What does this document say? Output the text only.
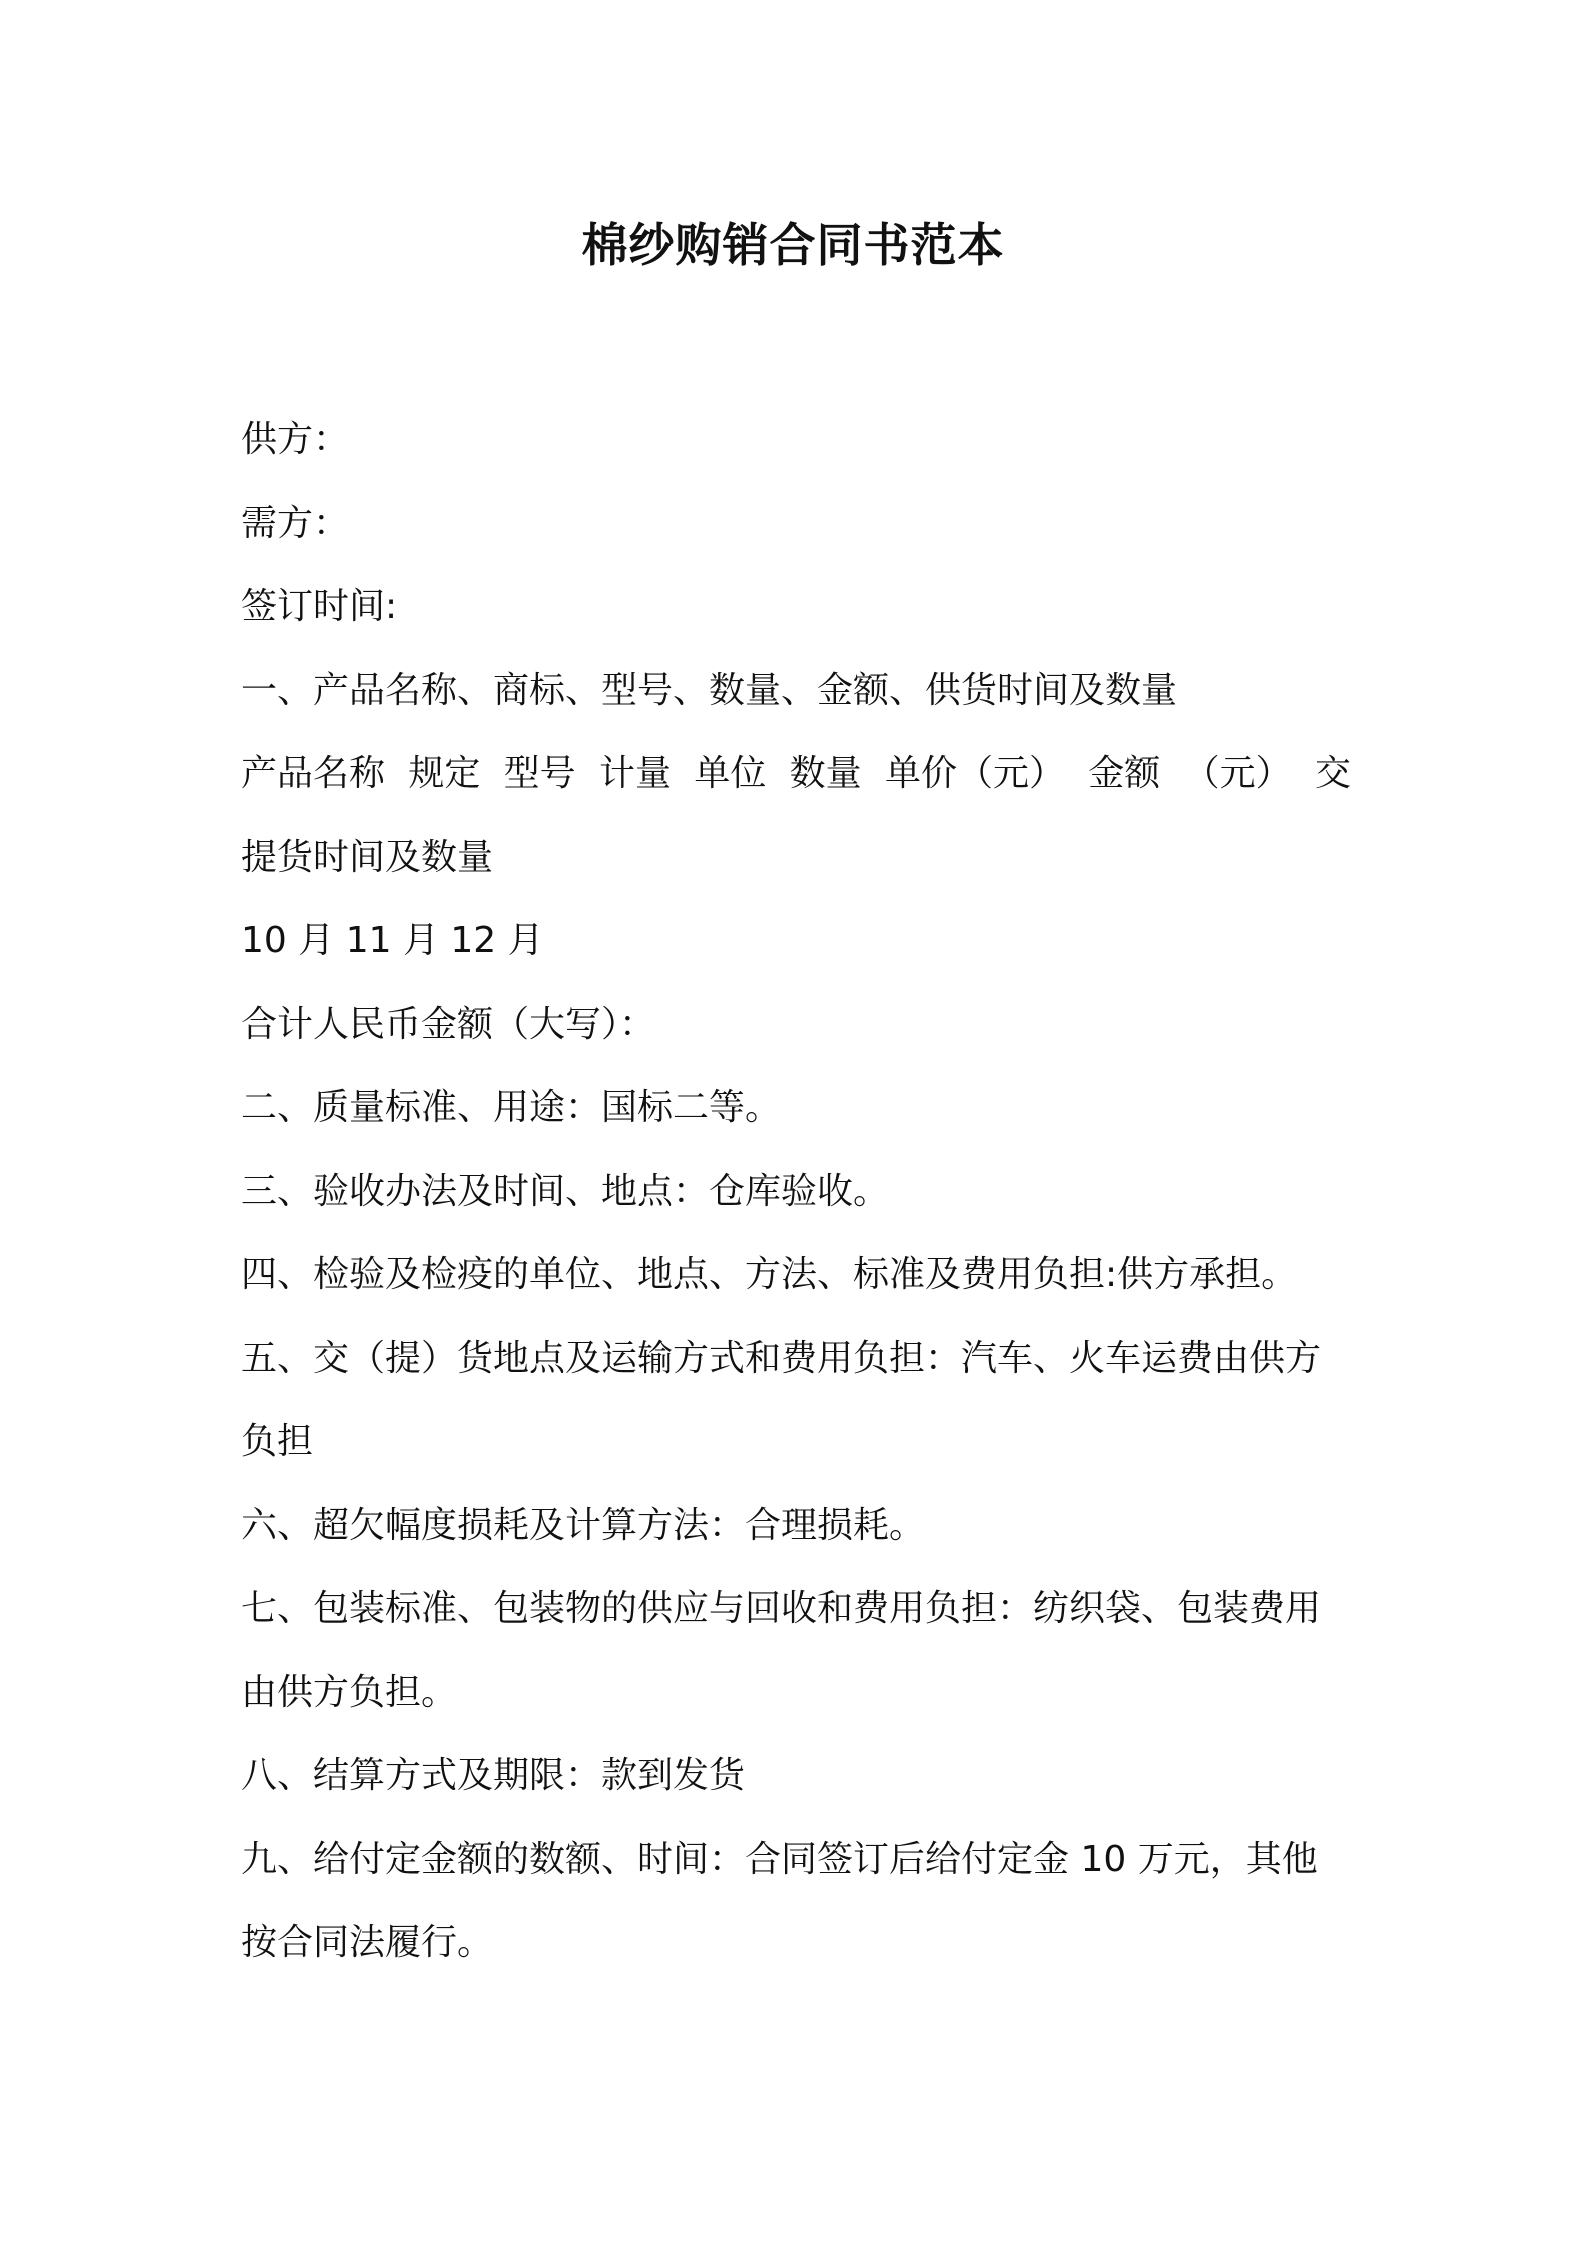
棉纱购销合同书范本
供方：
需方：
签订时间:
一、产品名称、商标、型号、数量、金额、供货时间及数量
产品名称 规定 型号 计量 单位 数量 单价（元） 金额 （元） 交
提货时间及数量
10 月 11 月 12 月
合计人民币金额（大写）：
二、质量标准、用途：国标二等。
三、验收办法及时间、地点：仓库验收。
四、检验及检疫的单位、地点、方法、标准及费用负担:供方承担。
五、交（提）货地点及运输方式和费用负担：汽车、火车运费由供方
负担
六、超欠幅度损耗及计算方法：合理损耗。
七、包装标准、包装物的供应与回收和费用负担：纺织袋、包装费用
由供方负担。
八、结算方式及期限：款到发货
九、给付定金额的数额、时间：合同签订后给付定金 10 万元，其他
按合同法履行。
